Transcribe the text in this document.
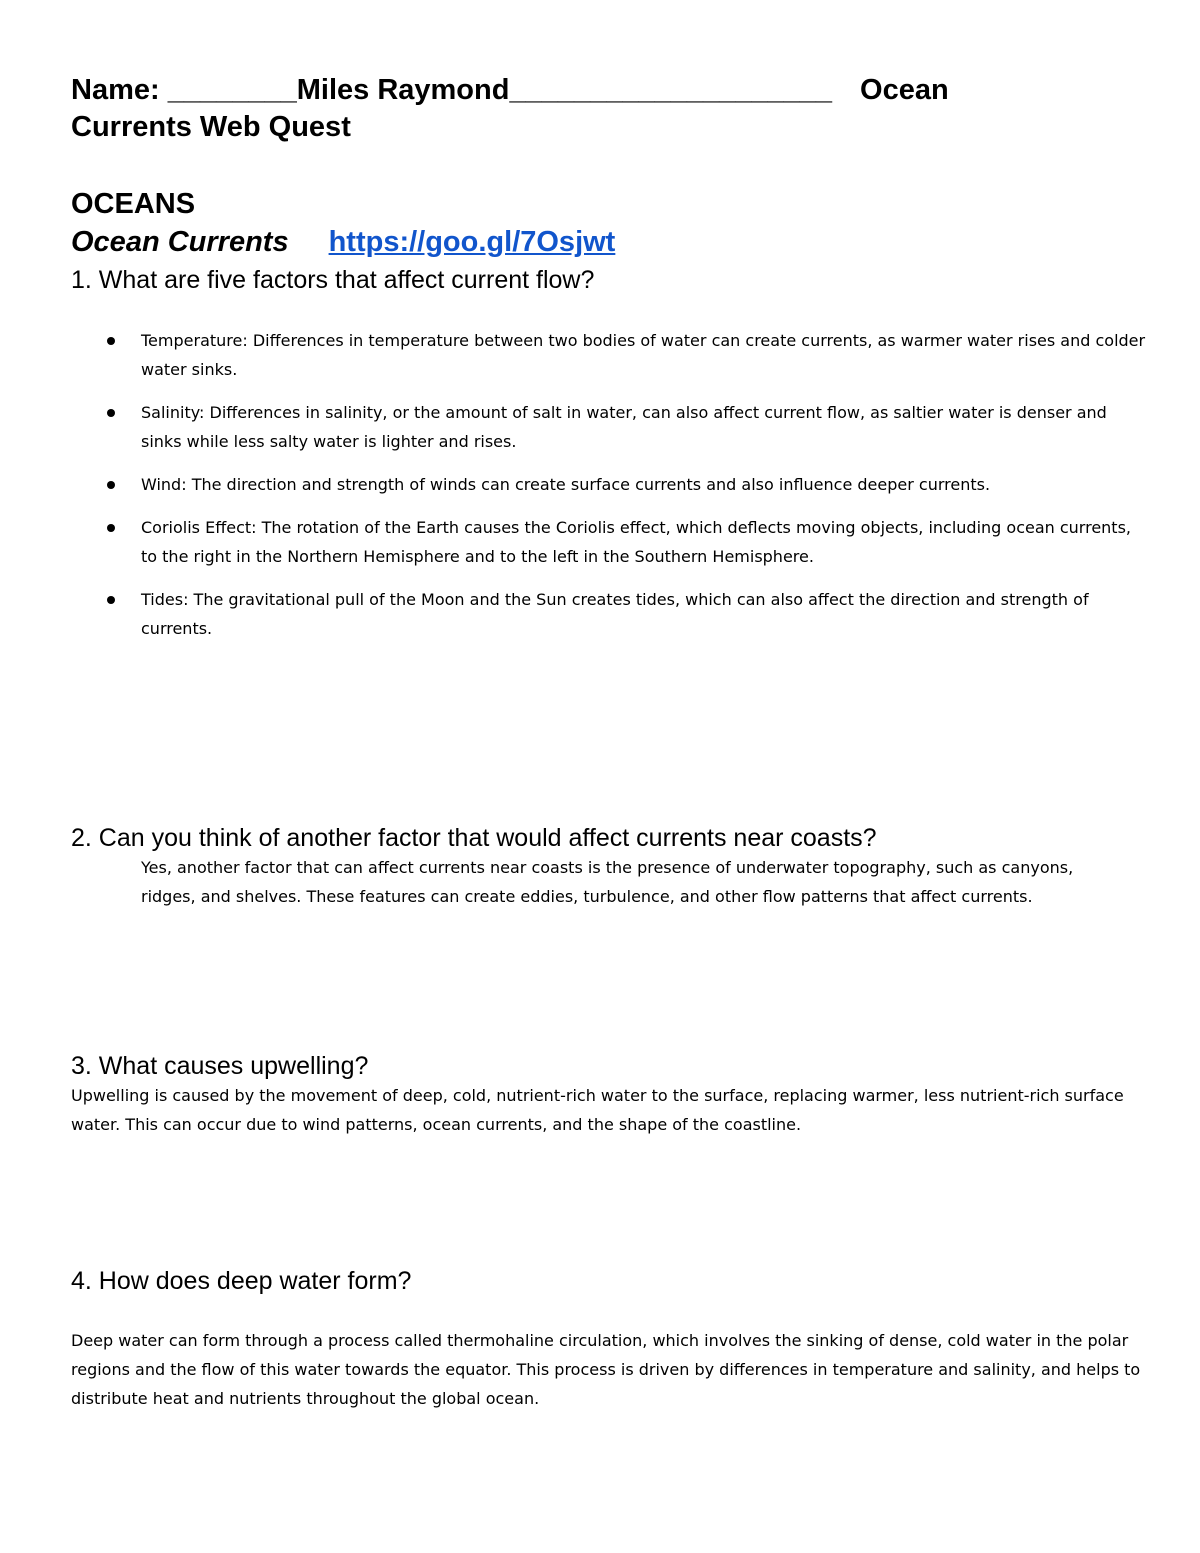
Name: ________Miles Raymond____________________ Ocean
Currents Web Quest

OCEANS

Ocean Currents https://goo.gl/7Osjwt

1. What are five factors that affect current flow?

Temperature: Differences in temperature between two bodies of water can create currents, as warmer water rises and colder water sinks.
Salinity: Differences in salinity, or the amount of salt in water, can also affect current flow, as saltier water is denser and sinks while less salty water is lighter and rises.
Wind: The direction and strength of winds can create surface currents and also influence deeper currents.
Coriolis Effect: The rotation of the Earth causes the Coriolis effect, which deflects moving objects, including ocean currents, to the right in the Northern Hemisphere and to the left in the Southern Hemisphere.
Tides: The gravitational pull of the Moon and the Sun creates tides, which can also affect the direction and strength of currents.

2. Can you think of another factor that would affect currents near coasts?

Yes, another factor that can affect currents near coasts is the presence of underwater topography, such as canyons, ridges, and shelves. These features can create eddies, turbulence, and other flow patterns that affect currents.

3. What causes upwelling?

Upwelling is caused by the movement of deep, cold, nutrient-rich water to the surface, replacing warmer, less nutrient-rich surface water. This can occur due to wind patterns, ocean currents, and the shape of the coastline.

4. How does deep water form?

Deep water can form through a process called thermohaline circulation, which involves the sinking of dense, cold water in the polar regions and the flow of this water towards the equator. This process is driven by differences in temperature and salinity, and helps to distribute heat and nutrients throughout the global ocean.
